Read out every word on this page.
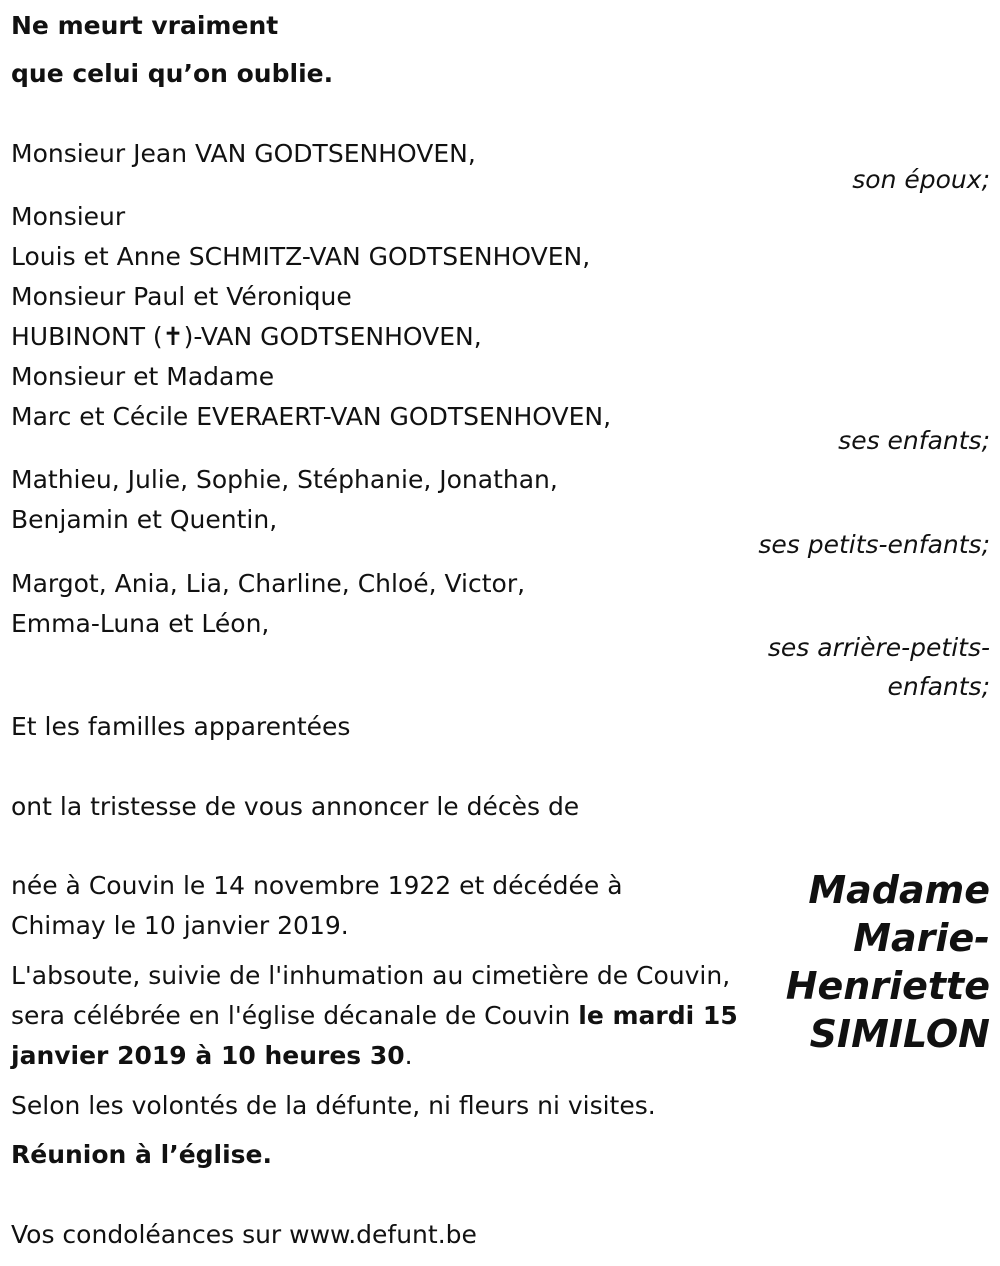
Ne meurt vraiment
que celui qu’on oublie.
Monsieur Jean VAN GODTSENHOVEN,
son époux;
Monsieur
Louis et Anne SCHMITZ-VAN GODTSENHOVEN,
Monsieur Paul et Véronique
HUBINONT (✝)-VAN GODTSENHOVEN,
Monsieur et Madame
Marc et Cécile EVERAERT-VAN GODTSENHOVEN,
ses enfants;
Mathieu, Julie, Sophie, Stéphanie, Jonathan,
Benjamin et Quentin,
ses petits-enfants;
Margot, Ania, Lia, Charline, Chloé, Victor,
Emma-Luna et Léon,
ses arrière-petits-
enfants;
Et les familles apparentées
ont la tristesse de vous annoncer le décès de
Madame
Marie-
Henriette
SIMILON

née à Couvin le 14 novembre 1922 et décédée à Chimay le 10 janvier 2019.

L'absoute, suivie de l'inhumation au cimetière de Couvin, sera célébrée en l'église décanale de Couvin le mardi 15 janvier 2019 à 10 heures 30.

Selon les volontés de la défunte, ni fleurs ni visites.
Réunion à l’église.
Vos condoléances sur www.defunt.be
